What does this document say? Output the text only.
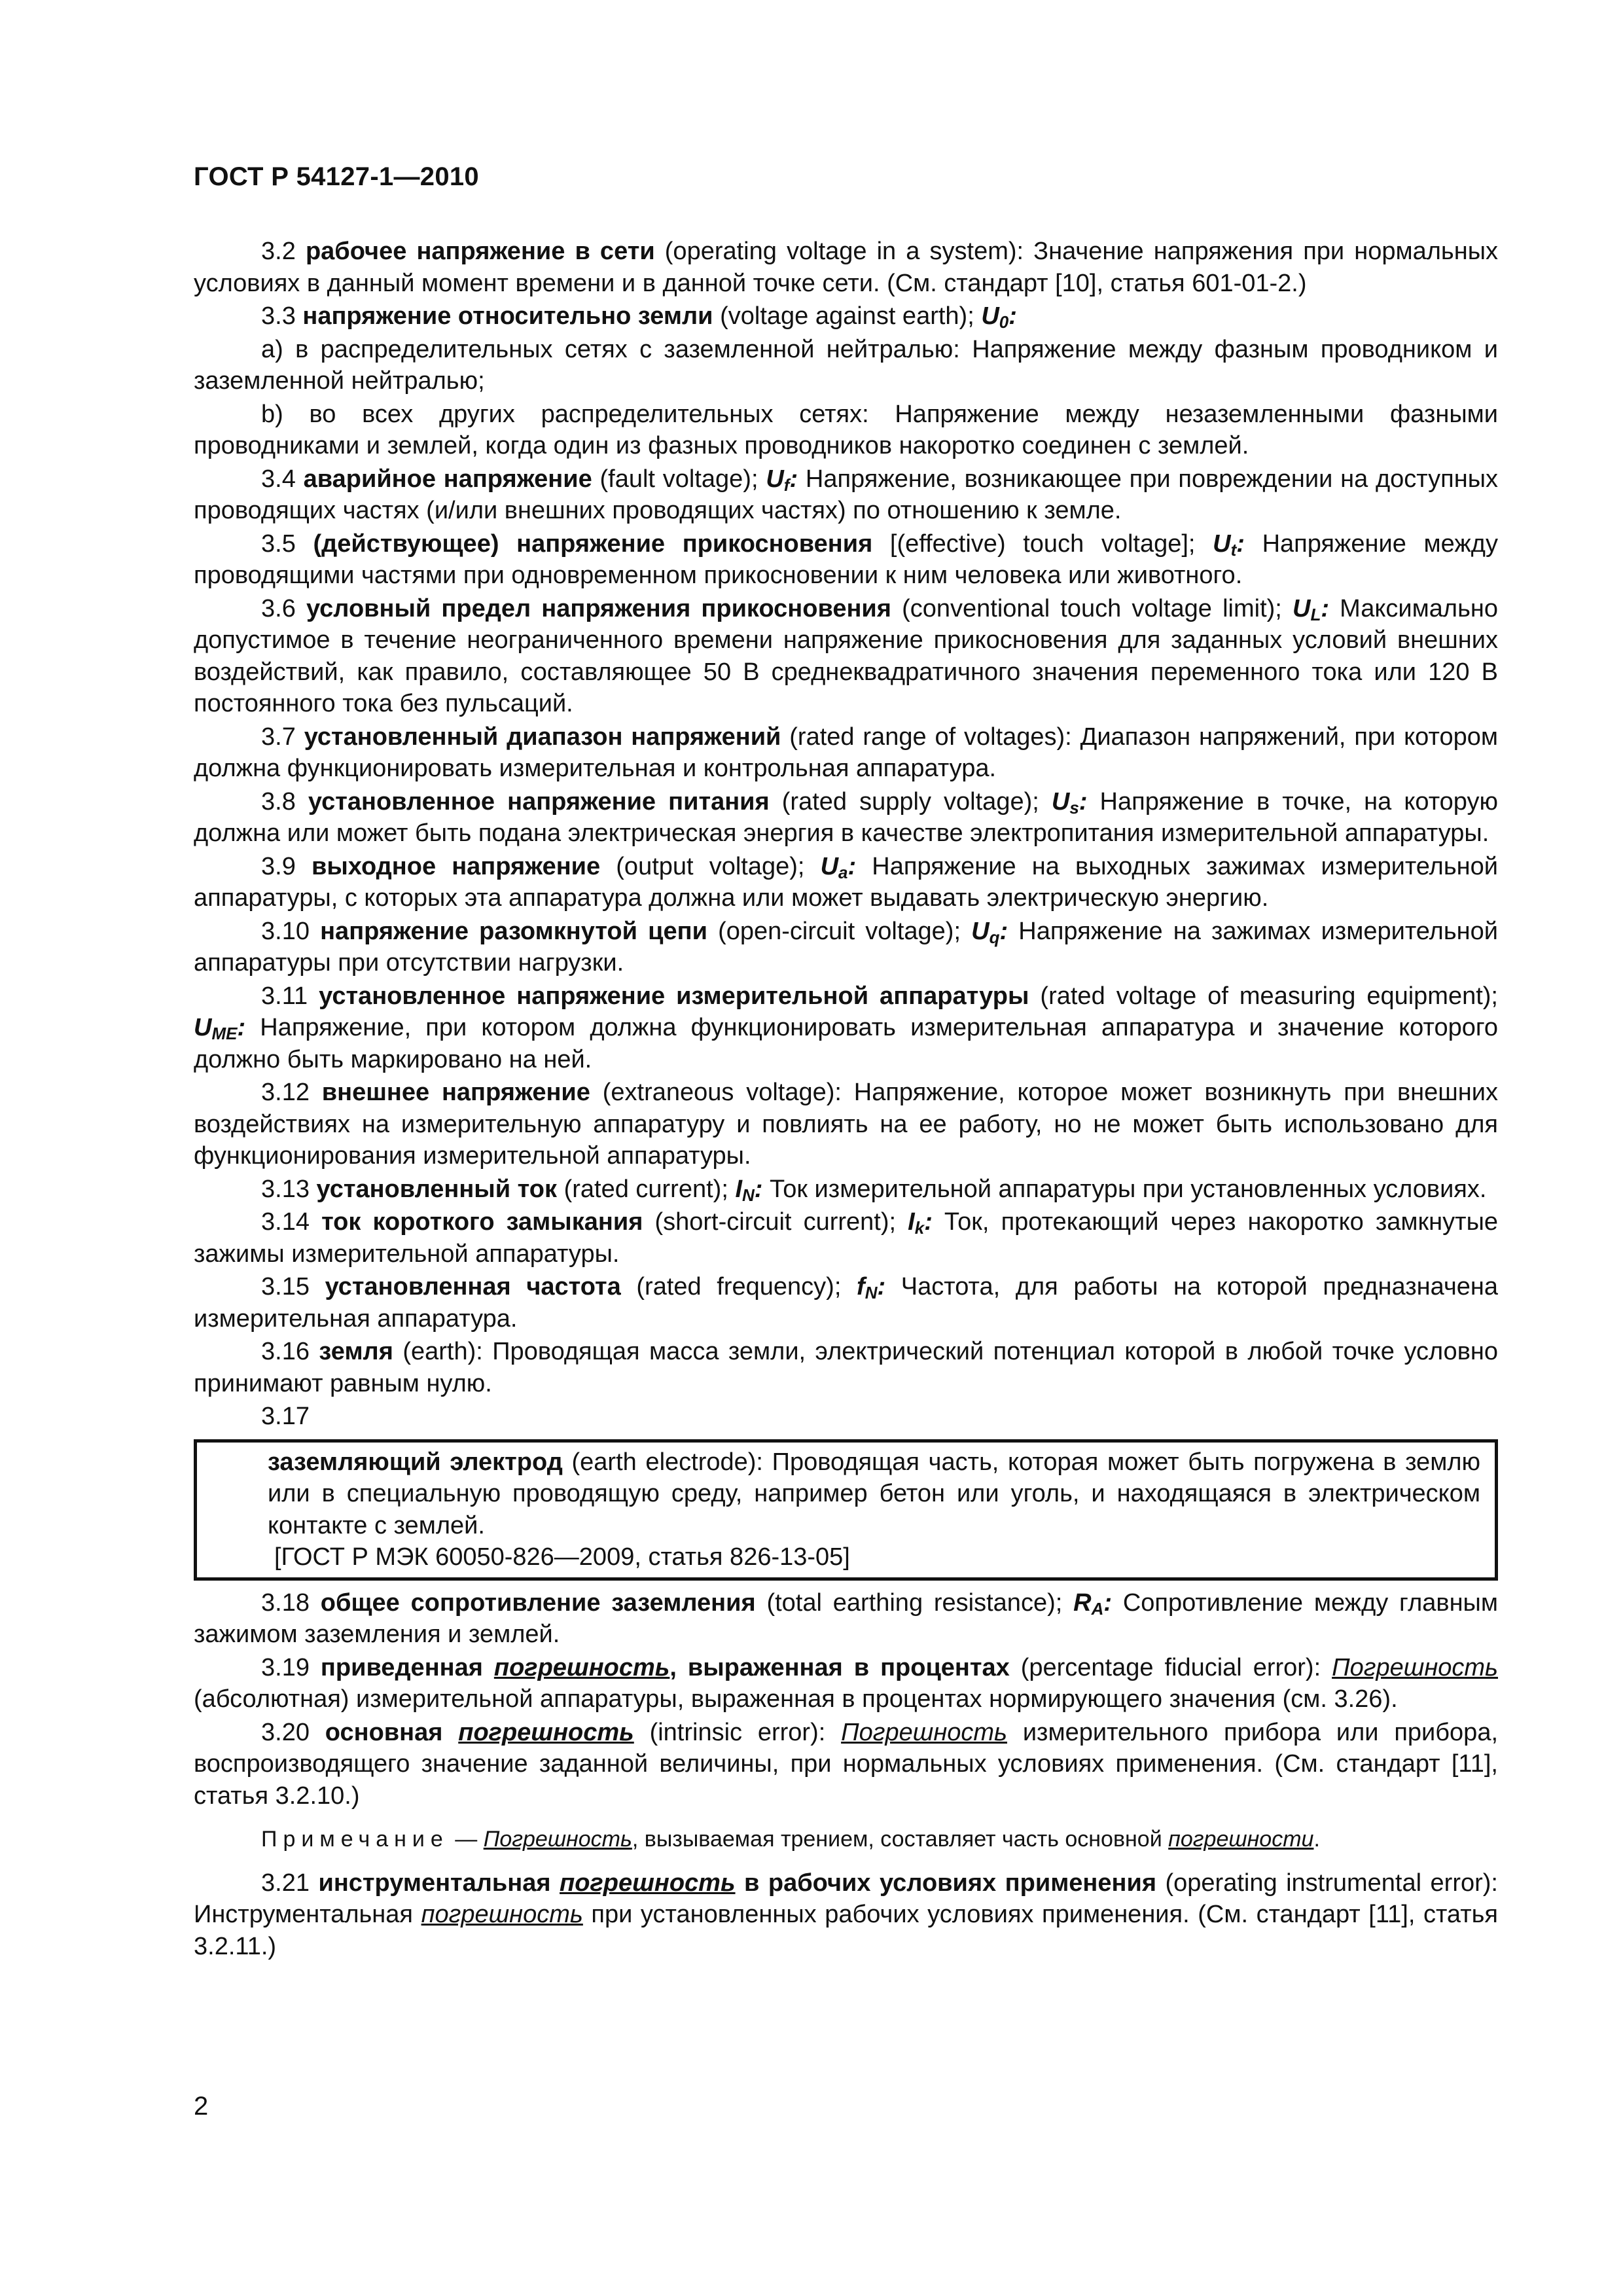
ГОСТ Р 54127-1—2010

3.2 рабочее напряжение в сети (operating voltage in a system): Значение напряжения при нормальных условиях в данный момент времени и в данной точке сети. (См. стандарт [10], статья 601-01-2.)

3.3 напряжение относительно земли (voltage against earth); $U_0$:

а) в распределительных сетях с заземленной нейтралью: Напряжение между фазным проводником и заземленной нейтралью;

b) во всех других распределительных сетях: Напряжение между незаземленными фазными проводниками и землей, когда один из фазных проводников накоротко соединен с землей.

3.4 аварийное напряжение (fault voltage); $U_f$: Напряжение, возникающее при повреждении на доступных проводящих частях (и/или внешних проводящих частях) по отношению к земле.

3.5 (действующее) напряжение прикосновения [(effective) touch voltage]; $U_t$: Напряжение между проводящими частями при одновременном прикосновении к ним человека или животного.

3.6 условный предел напряжения прикосновения (conventional touch voltage limit); $U_L$: Максимально допустимое в течение неограниченного времени напряжение прикосновения для заданных условий внешних воздействий, как правило, составляющее 50 В среднеквадратичного значения переменного тока или 120 В постоянного тока без пульсаций.

3.7 установленный диапазон напряжений (rated range of voltages): Диапазон напряжений, при котором должна функционировать измерительная и контрольная аппаратура.

3.8 установленное напряжение питания (rated supply voltage); $U_s$: Напряжение в точке, на которую должна или может быть подана электрическая энергия в качестве электропитания измерительной аппаратуры.

3.9 выходное напряжение (output voltage); $U_a$: Напряжение на выходных зажимах измерительной аппаратуры, с которых эта аппаратура должна или может выдавать электрическую энергию.

3.10 напряжение разомкнутой цепи (open-circuit voltage); $U_q$: Напряжение на зажимах измерительной аппаратуры при отсутствии нагрузки.

3.11 установленное напряжение измерительной аппаратуры (rated voltage of measuring equipment); $U_{ME}$: Напряжение, при котором должна функционировать измерительная аппаратура и значение которого должно быть маркировано на ней.

3.12 внешнее напряжение (extraneous voltage): Напряжение, которое может возникнуть при внешних воздействиях на измерительную аппаратуру и повлиять на ее работу, но не может быть использовано для функционирования измерительной аппаратуры.

3.13 установленный ток (rated current); $I_N$: Ток измерительной аппаратуры при установленных условиях.

3.14 ток короткого замыкания (short-circuit current); $I_k$: Ток, протекающий через накоротко замкнутые зажимы измерительной аппаратуры.

3.15 установленная частота (rated frequency); $f_N$: Частота, для работы на которой предназначена измерительная аппаратура.

3.16 земля (earth): Проводящая масса земли, электрический потенциал которой в любой точке условно принимают равным нулю.

3.17

заземляющий электрод (earth electrode): Проводящая часть, которая может быть погружена в землю или в специальную проводящую среду, например бетон или уголь, и находящаяся в электрическом контакте с землей.

[ГОСТ Р МЭК 60050-826—2009, статья 826-13-05]

3.18 общее сопротивление заземления (total earthing resistance); $R_A$: Сопротивление между главным зажимом заземления и землей.

3.19 приведенная погрешность, выраженная в процентах (percentage fiducial error): Погрешность (абсолютная) измерительной аппаратуры, выраженная в процентах нормирующего значения (см. 3.26).

3.20 основная погрешность (intrinsic error): Погрешность измерительного прибора или прибора, воспроизводящего значение заданной величины, при нормальных условиях применения. (См. стандарт [11], статья 3.2.10.)

Примечание — Погрешность, вызываемая трением, составляет часть основной погрешности.

3.21 инструментальная погрешность в рабочих условиях применения (operating instrumental error): Инструментальная погрешность при установленных рабочих условиях применения. (См. стандарт [11], статья 3.2.11.)

2
